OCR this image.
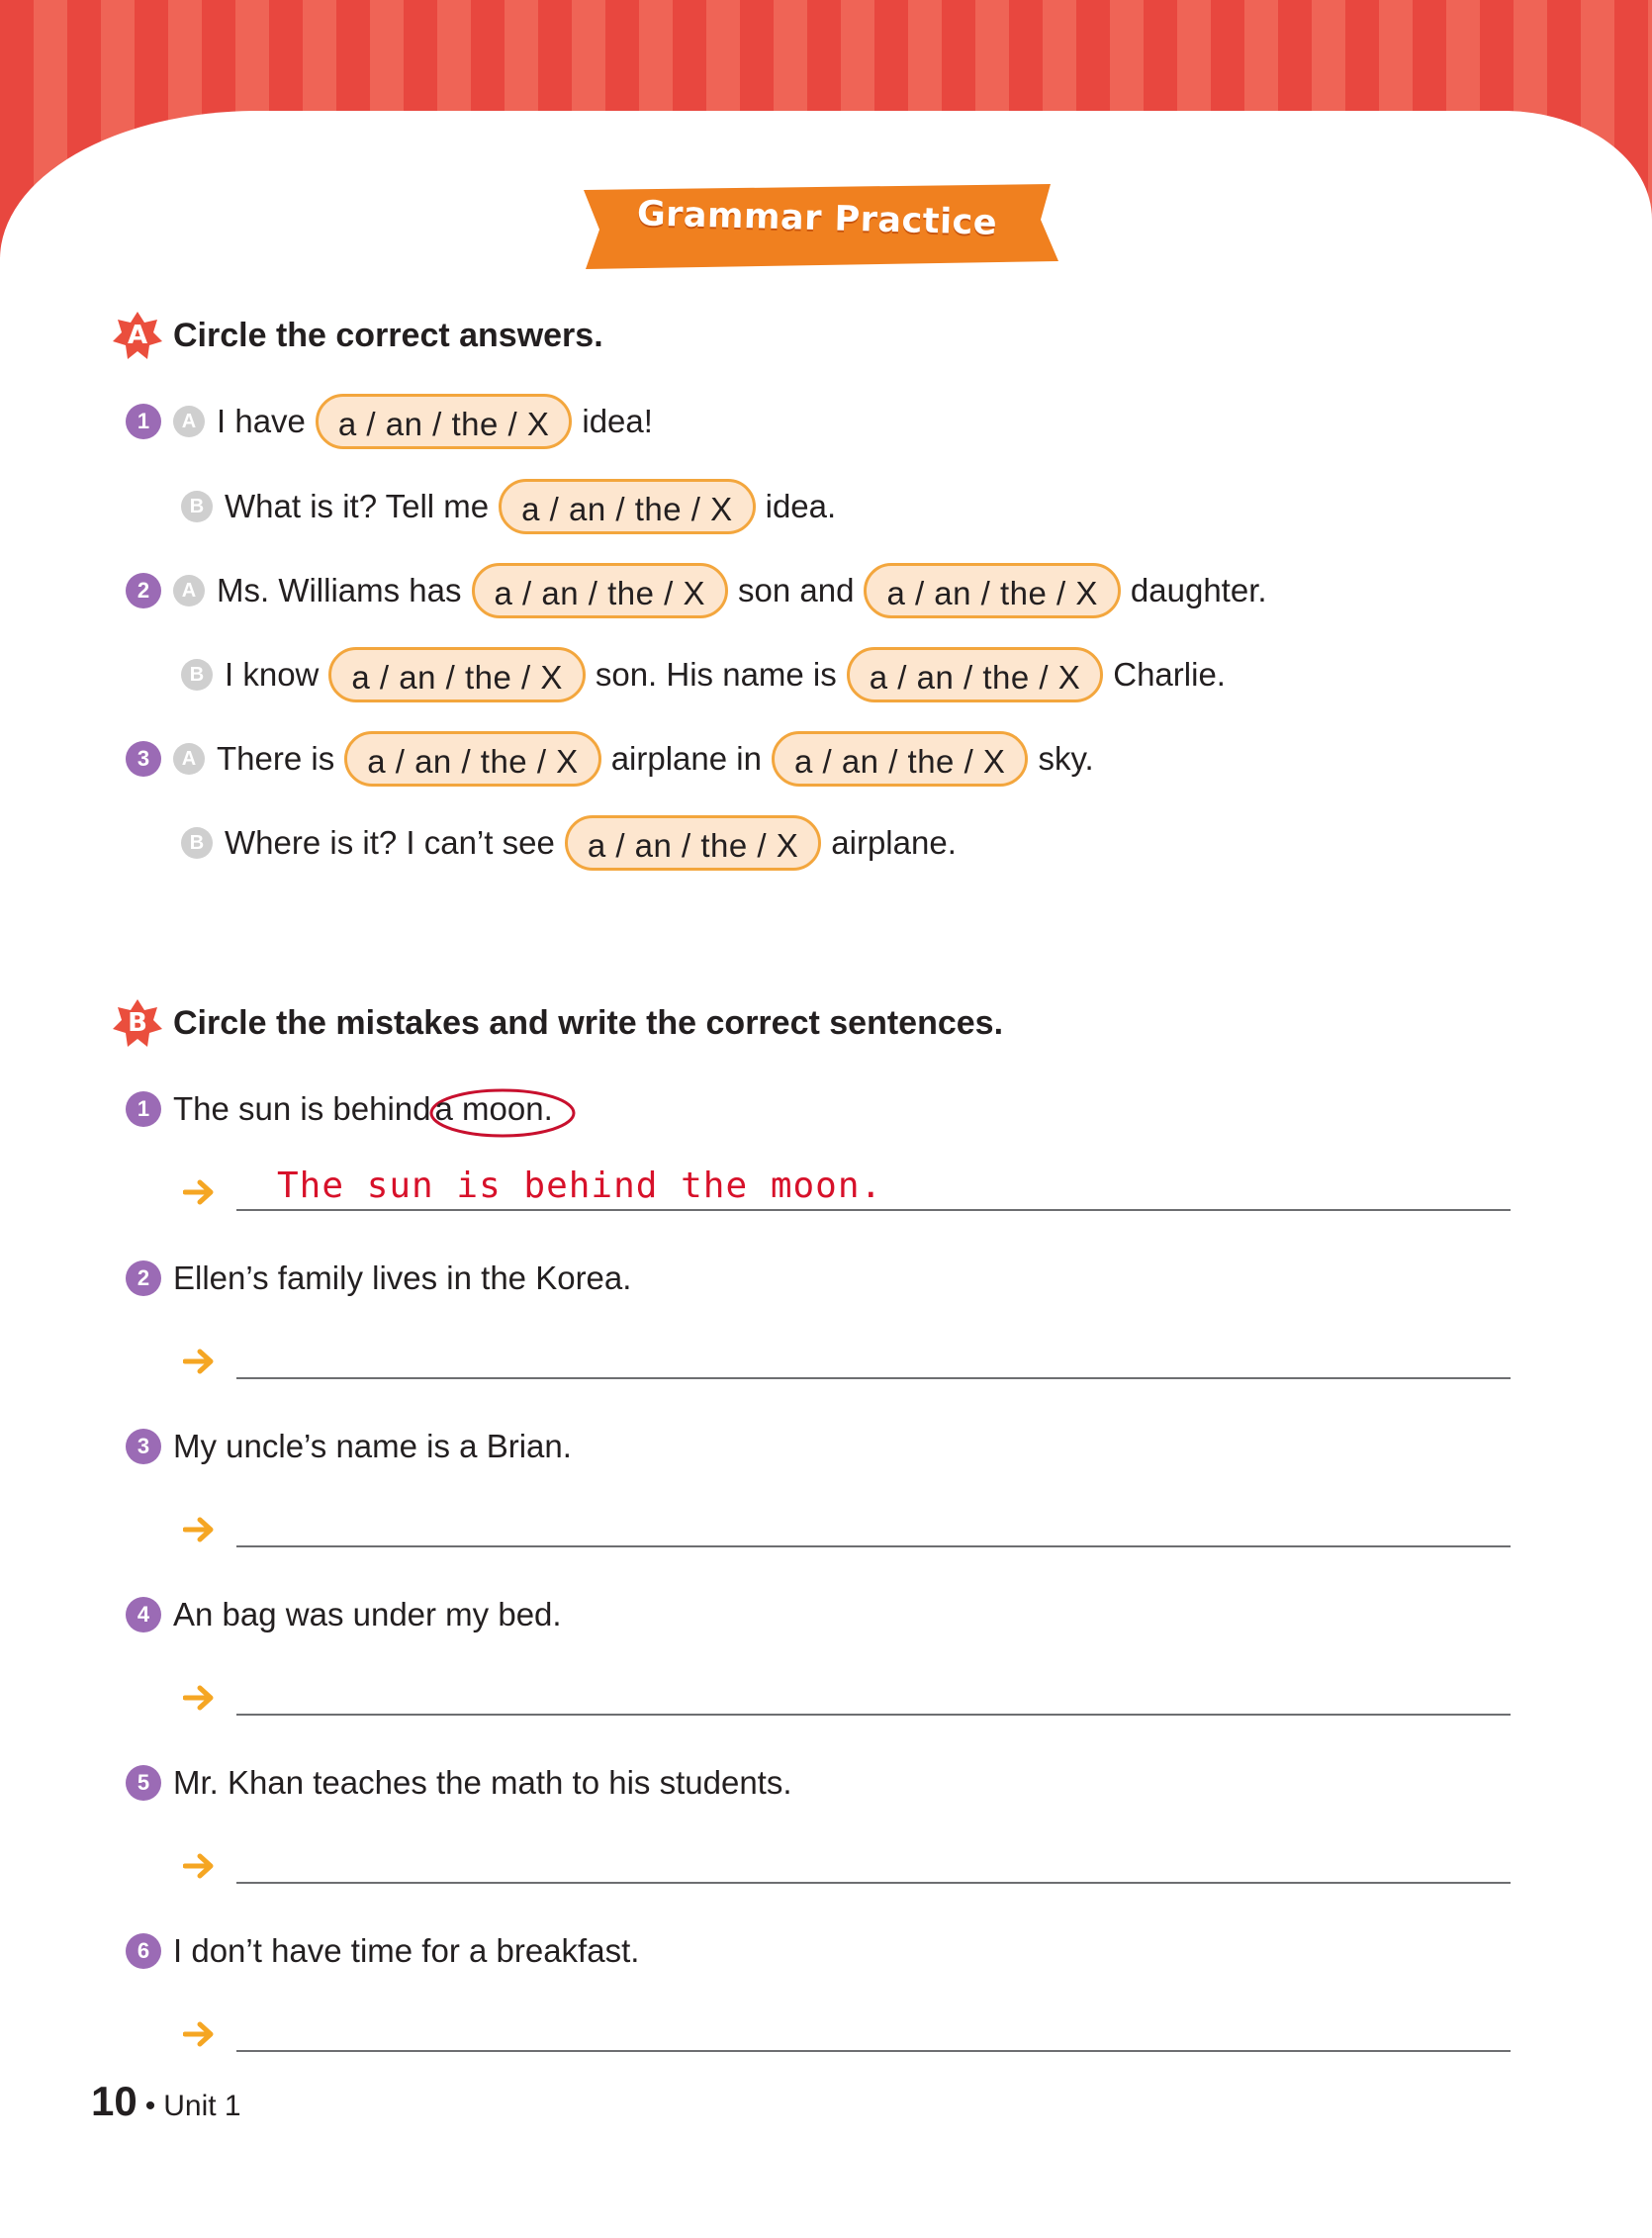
Grammar Practice
A Circle the correct answers.
1	A I have	a / an / the / X	idea!
B What is it? Tell me	a / an / the / X	idea.
2	A Ms. Williams has	a / an / the / X	son and	a / an / the / X	daughter.
B I know	a / an / the / X	son. His name is	a / an / the / X	Charlie.
3	A There is	a / an / the / X	airplane in	a / an / the / X	sky.
B Where is it? I can’t see	a / an / the / X	airplane.
B Circle the mistakes and write the correct sentences.
1 The sun is behind a moon.
The sun is behind the moon.
2 Ellen’s family lives in the Korea.
3 My uncle’s name is a Brian.
4 An bag was under my bed.
5 Mr. Khan teaches the math to his students.
6 I don’t have time for a breakfast.
10 • Unit 1
